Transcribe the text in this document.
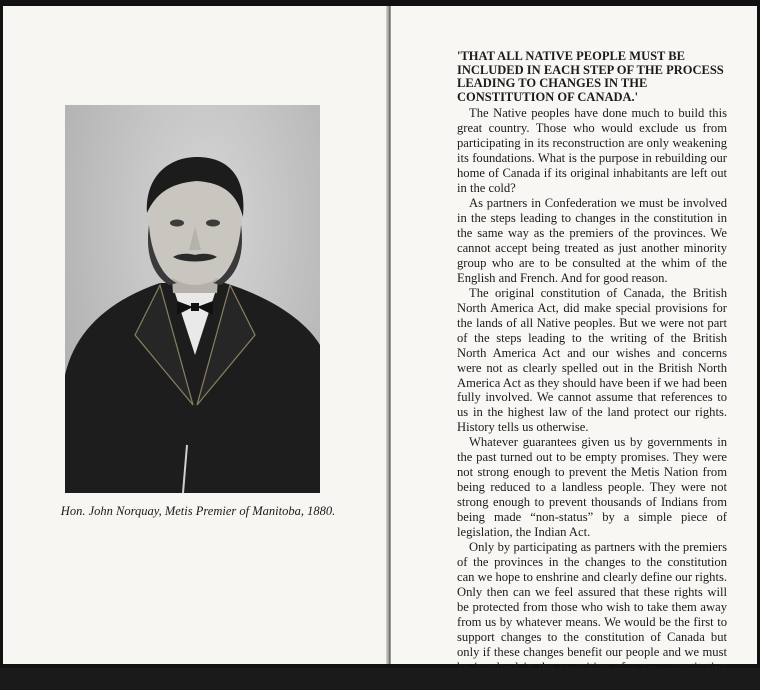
Hon. John Norquay, Metis Premier of Manitoba, 1880.

'THAT ALL NATIVE PEOPLE MUST BE INCLUDED IN EACH STEP OF THE PROCESS LEADING TO CHANGES IN THE CONSTITUTION OF CANADA.'

The Native peoples have done much to build this great country. Those who would exclude us from participating in its reconstruction are only weakening its foundations. What is the purpose in rebuilding our home of Canada if its original inhabitants are left out in the cold?

As partners in Confederation we must be involved in the steps leading to changes in the constitution in the same way as the premiers of the provinces. We cannot accept being treated as just another minority group who are to be consulted at the whim of the English and French. And for good reason.

The original constitution of Canada, the British North America Act, did make special provisions for the lands of all Native peoples. But we were not part of the steps leading to the writing of the British North America Act and our wishes and concerns were not as clearly spelled out in the British North America Act as they should have been if we had been fully involved. We cannot assume that references to us in the highest law of the land protect our rights. History tells us otherwise.

Whatever guarantees given us by governments in the past turned out to be empty promises. They were not strong enough to prevent the Metis Nation from being reduced to a landless people. They were not strong enough to prevent thousands of Indians from being made “non-status” by a simple piece of legislation, the Indian Act.

Only by participating as partners with the premiers of the provinces in the changes to the constitution can we hope to enshrine and clearly define our rights. Only then can we feel assured that these rights will be protected from those who wish to take them away from us by whatever means. We would be the first to support changes to the constitution of Canada but only if these changes benefit our people and we must be involved in the re-writing of a new constitution itself.
